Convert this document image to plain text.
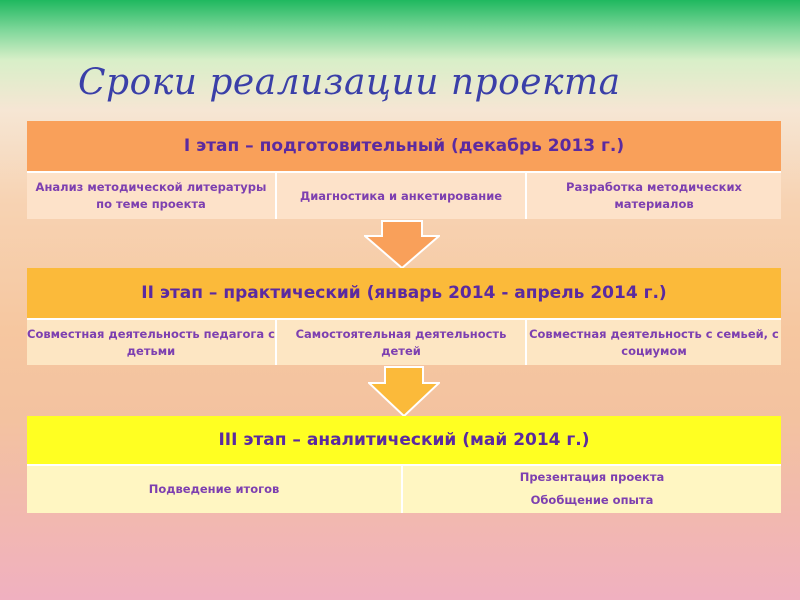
Сроки реализации проекта
I этап – подготовительный (декабрь 2013 г.)
Анализ методической литературы по теме проекта
Диагностика и анкетирование
Разработка методических материалов
II этап – практический (январь 2014 - апрель 2014 г.)
Совместная деятельность педагога с детьми
Самостоятельная деятельность детей
Совместная деятельность с семьей, с социумом
III этап – аналитический (май 2014 г.)
Подведение итогов
Презентация проекта
Обобщение опыта
